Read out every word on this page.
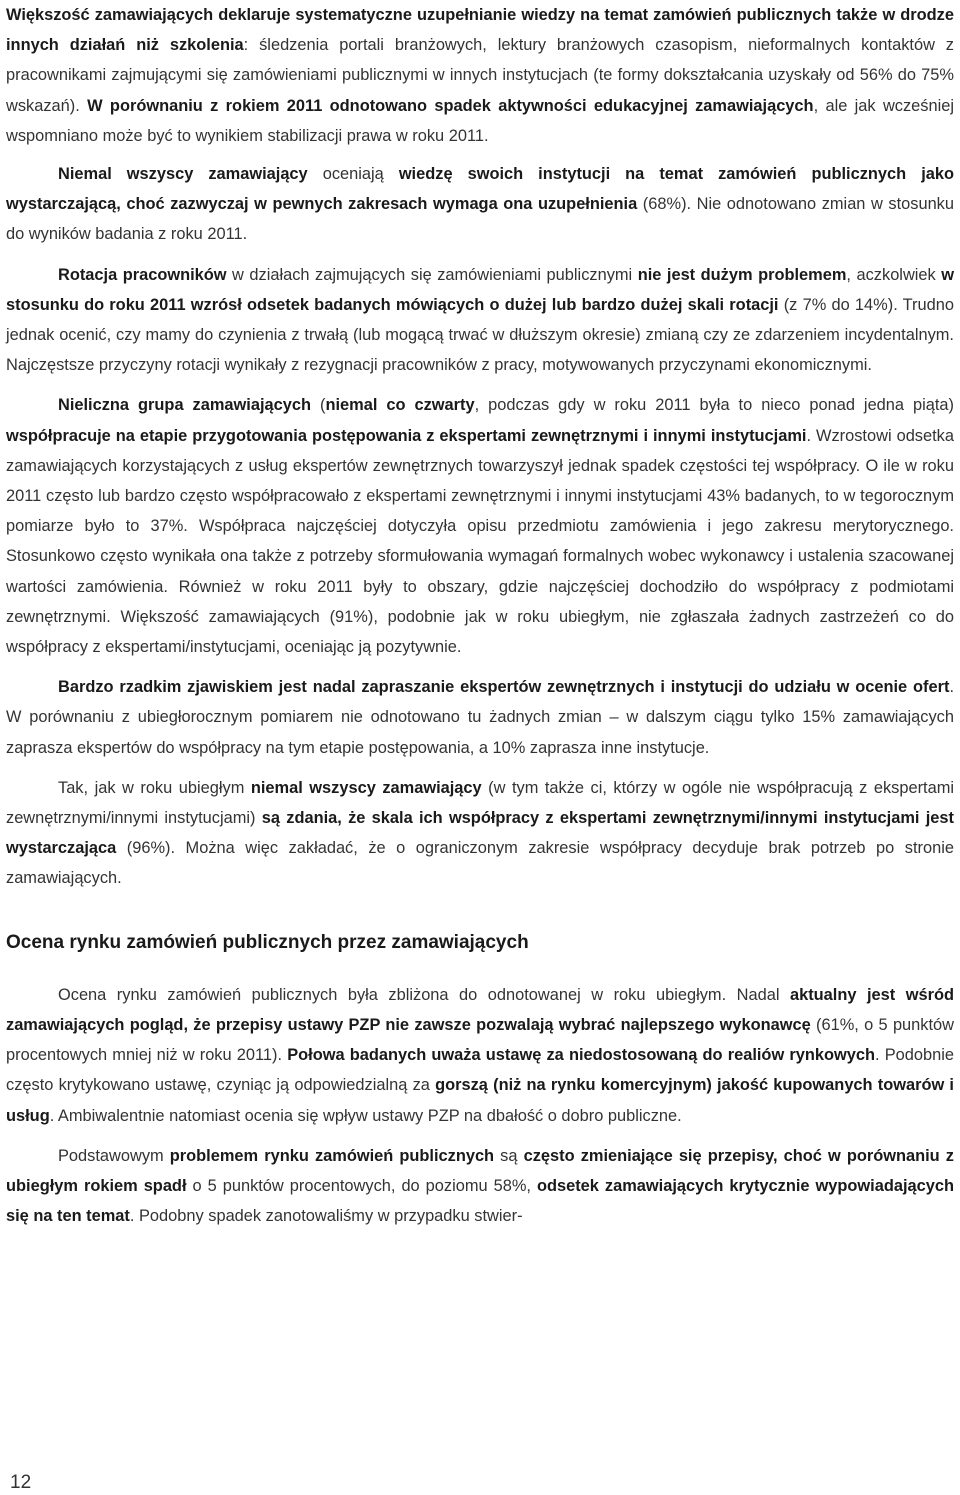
Większość zamawiających deklaruje systematyczne uzupełnianie wiedzy na temat zamówień publicznych także w drodze innych działań niż szkolenia: śledzenia portali branżowych, lektury branżowych czasopism, nieformalnych kontaktów z pracownikami zajmującymi się zamówieniami publicznymi w innych instytucjach (te formy dokształcania uzyskały od 56% do 75% wskazań). W porównaniu z rokiem 2011 odnotowano spadek aktywności edukacyjnej zamawiających, ale jak wcześniej wspomniano może być to wynikiem stabilizacji prawa w roku 2011.

Niemal wszyscy zamawiający oceniają wiedzę swoich instytucji na temat zamówień publicznych jako wystarczającą, choć zazwyczaj w pewnych zakresach wymaga ona uzupełnienia (68%). Nie odnotowano zmian w stosunku do wyników badania z roku 2011.

Rotacja pracowników w działach zajmujących się zamówieniami publicznymi nie jest dużym problemem, aczkolwiek w stosunku do roku 2011 wzrósł odsetek badanych mówiących o dużej lub bardzo dużej skali rotacji (z 7% do 14%). Trudno jednak ocenić, czy mamy do czynienia z trwałą (lub mogącą trwać w dłuższym okresie) zmianą czy ze zdarzeniem incydentalnym. Najczęstsze przyczyny rotacji wynikały z rezygnacji pracowników z pracy, motywowanych przyczynami ekonomicznymi.

Nieliczna grupa zamawiających (niemal co czwarty, podczas gdy w roku 2011 była to nieco ponad jedna piąta) współpracuje na etapie przygotowania postępowania z ekspertami zewnętrznymi i innymi instytucjami. Wzrostowi odsetka zamawiających korzystających z usług ekspertów zewnętrznych towarzyszył jednak spadek częstości tej współpracy. O ile w roku 2011 często lub bardzo często współpracowało z ekspertami zewnętrznymi i innymi instytucjami 43% badanych, to w tegorocznym pomiarze było to 37%. Współpraca najczęściej dotyczyła opisu przedmiotu zamówienia i jego zakresu merytorycznego. Stosunkowo często wynikała ona także z potrzeby sformułowania wymagań formalnych wobec wykonawcy i ustalenia szacowanej wartości zamówienia. Również w roku 2011 były to obszary, gdzie najczęściej dochodziło do współpracy z podmiotami zewnętrznymi. Większość zamawiających (91%), podobnie jak w roku ubiegłym, nie zgłaszała żadnych zastrzeżeń co do współpracy z ekspertami/instytucjami, oceniając ją pozytywnie.

Bardzo rzadkim zjawiskiem jest nadal zapraszanie ekspertów zewnętrznych i instytucji do udziału w ocenie ofert. W porównaniu z ubiegłorocznym pomiarem nie odnotowano tu żadnych zmian – w dalszym ciągu tylko 15% zamawiających zaprasza ekspertów do współpracy na tym etapie postępowania, a 10% zaprasza inne instytucje.

Tak, jak w roku ubiegłym niemal wszyscy zamawiający (w tym także ci, którzy w ogóle nie współpracują z ekspertami zewnętrznymi/innymi instytucjami) są zdania, że skala ich współpracy z ekspertami zewnętrznymi/innymi instytucjami jest wystarczająca (96%). Można więc zakładać, że o ograniczonym zakresie współpracy decyduje brak potrzeb po stronie zamawiających.

Ocena rynku zamówień publicznych przez zamawiających

Ocena rynku zamówień publicznych była zbliżona do odnotowanej w roku ubiegłym. Nadal aktualny jest wśród zamawiających pogląd, że przepisy ustawy PZP nie zawsze pozwalają wybrać najlepszego wykonawcę (61%, o 5 punktów procentowych mniej niż w roku 2011). Połowa badanych uważa ustawę za niedostosowaną do realiów rynkowych. Podobnie często krytykowano ustawę, czyniąc ją odpowiedzialną za gorszą (niż na rynku komercyjnym) jakość kupowanych towarów i usług. Ambiwalentnie natomiast ocenia się wpływ ustawy PZP na dbałość o dobro publiczne.

Podstawowym problemem rynku zamówień publicznych są często zmieniające się przepisy, choć w porównaniu z ubiegłym rokiem spadł o 5 punktów procentowych, do poziomu 58%, odsetek zamawiających krytycznie wypowiadających się na ten temat. Podobny spadek zanotowaliśmy w przypadku stwier-

12
